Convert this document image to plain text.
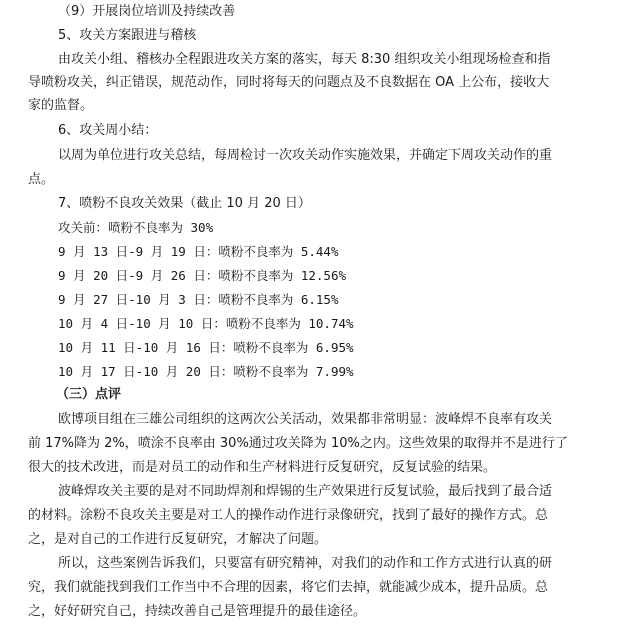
（9）开展岗位培训及持续改善
5、攻关方案跟进与稽核
由攻关小组、稽核办全程跟进攻关方案的落实，每天 8:30 组织攻关小组现场检查和指
导喷粉攻关，纠正错误，规范动作，同时将每天的问题点及不良数据在 OA 上公布，接收大
家的监督。
6、攻关周小结：
以周为单位进行攻关总结，每周检讨一次攻关动作实施效果，并确定下周攻关动作的重
点。
7、喷粉不良攻关效果（截止 10 月 20 日）
攻关前：喷粉不良率为 30%
9 月 13 日-9 月 19 日：喷粉不良率为 5.44%
9 月 20 日-9 月 26 日：喷粉不良率为 12.56%
9 月 27 日-10 月 3 日：喷粉不良率为 6.15%
10 月 4 日-10 月 10 日：喷粉不良率为 10.74%
10 月 11 日-10 月 16 日：喷粉不良率为 6.95%
10 月 17 日-10 月 20 日：喷粉不良率为 7.99%
（三）点评
欧博项目组在三雄公司组织的这两次公关活动，效果都非常明显：波峰焊不良率有攻关
前 17%降为 2%，喷涂不良率由 30%通过攻关降为 10%之内。这些效果的取得并不是进行了
很大的技术改进，而是对员工的动作和生产材料进行反复研究，反复试验的结果。
波峰焊攻关主要的是对不同助焊剂和焊锡的生产效果进行反复试验，最后找到了最合适
的材料。涂粉不良攻关主要是对工人的操作动作进行录像研究，找到了最好的操作方式。总
之，是对自己的工作进行反复研究，才解决了问题。
所以，这些案例告诉我们，只要富有研究精神，对我们的动作和工作方式进行认真的研
究，我们就能找到我们工作当中不合理的因素，将它们去掉，就能减少成本，提升品质。总
之，好好研究自己，持续改善自己是管理提升的最佳途径。
